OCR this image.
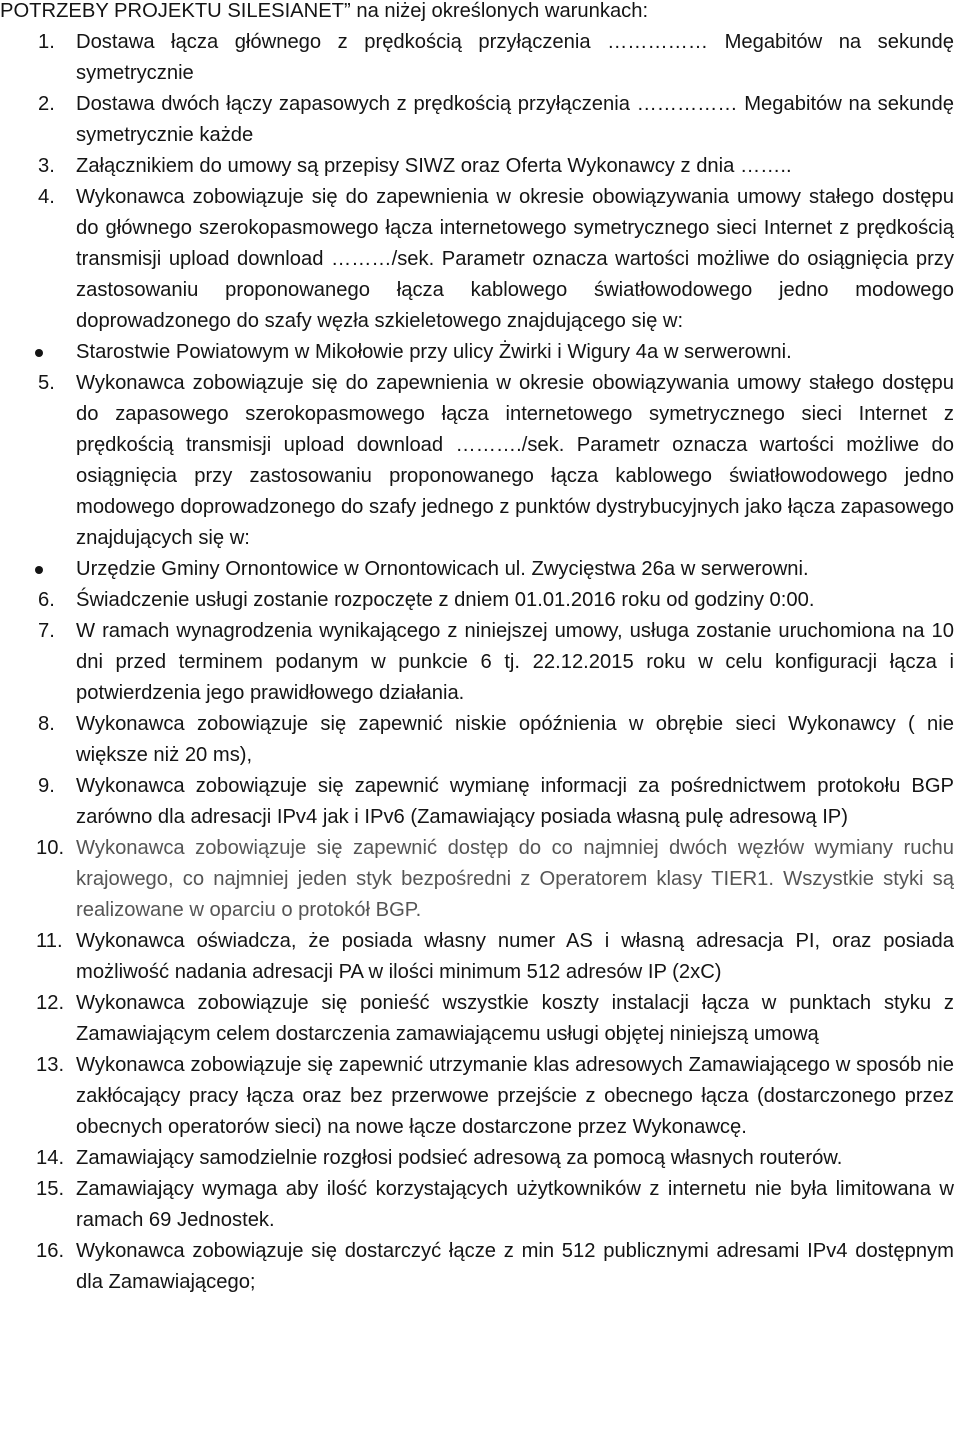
POTRZEBY PROJEKTU SILESIANET” na niżej określonych warunkach:
1.	Dostawa łącza głównego z prędkością przyłączenia …………… Megabitów na sekundę symetrycznie
2.	Dostawa dwóch łączy zapasowych z prędkością przyłączenia …………… Megabitów na sekundę symetrycznie każde
3.	Załącznikiem do umowy są przepisy SIWZ oraz Oferta Wykonawcy z dnia ……..
4.	Wykonawca zobowiązuje się do zapewnienia w okresie obowiązywania umowy stałego dostępu do głównego szerokopasmowego łącza internetowego symetrycznego sieci Internet z prędkością transmisji upload download ………/sek. Parametr oznacza wartości możliwe do osiągnięcia przy zastosowaniu proponowanego łącza kablowego światłowodowego jedno modowego doprowadzonego do szafy węzła szkieletowego znajdującego się w:
Starostwie Powiatowym w Mikołowie przy ulicy Żwirki i Wigury 4a w serwerowni.
5.	Wykonawca zobowiązuje się do zapewnienia w okresie obowiązywania umowy stałego dostępu do zapasowego szerokopasmowego łącza internetowego symetrycznego sieci Internet z prędkością transmisji upload download ………./sek. Parametr oznacza wartości możliwe do osiągnięcia przy zastosowaniu proponowanego łącza kablowego światłowodowego jedno modowego doprowadzonego do szafy jednego z punktów dystrybucyjnych jako łącza zapasowego znajdujących się w:
Urzędzie Gminy Ornontowice w Ornontowicach ul. Zwycięstwa 26a w serwerowni.
6.	Świadczenie usługi zostanie rozpoczęte z dniem 01.01.2016 roku od godziny 0:00.
7.	W ramach wynagrodzenia wynikającego z niniejszej umowy, usługa zostanie uruchomiona na 10 dni przed terminem podanym w punkcie 6 tj. 22.12.2015 roku w celu konfiguracji łącza i potwierdzenia jego prawidłowego działania.
8.	Wykonawca zobowiązuje się zapewnić niskie opóźnienia w obrębie sieci Wykonawcy ( nie większe niż 20 ms),
9.	Wykonawca zobowiązuje się zapewnić wymianę informacji za pośrednictwem protokołu BGP zarówno dla adresacji IPv4 jak i IPv6 (Zamawiający posiada własną pulę adresową IP)
10. Wykonawca zobowiązuje się zapewnić dostęp do co najmniej dwóch węzłów wymiany ruchu krajowego, co najmniej jeden styk bezpośredni z Operatorem klasy TIER1. Wszystkie styki są realizowane w oparciu o protokół BGP.
11. Wykonawca oświadcza, że posiada własny numer AS i własną adresacja PI, oraz posiada możliwość nadania adresacji PA w ilości minimum 512 adresów IP (2xC)
12. Wykonawca zobowiązuje się ponieść wszystkie koszty instalacji łącza w punktach styku z Zamawiającym celem dostarczenia zamawiającemu usługi objętej niniejszą umową
13. Wykonawca zobowiązuje się zapewnić utrzymanie klas adresowych Zamawiającego w sposób nie zakłócający pracy łącza oraz bez przerwowe przejście z obecnego łącza (dostarczonego przez obecnych operatorów sieci) na nowe łącze dostarczone przez Wykonawcę.
14. Zamawiający samodzielnie rozgłosi podsieć adresową za pomocą własnych routerów.
15. Zamawiający wymaga aby ilość korzystających użytkowników z internetu nie była limitowana w ramach 69 Jednostek.
16. Wykonawca zobowiązuje się dostarczyć łącze z min 512 publicznymi adresami IPv4 dostępnym dla Zamawiającego;
